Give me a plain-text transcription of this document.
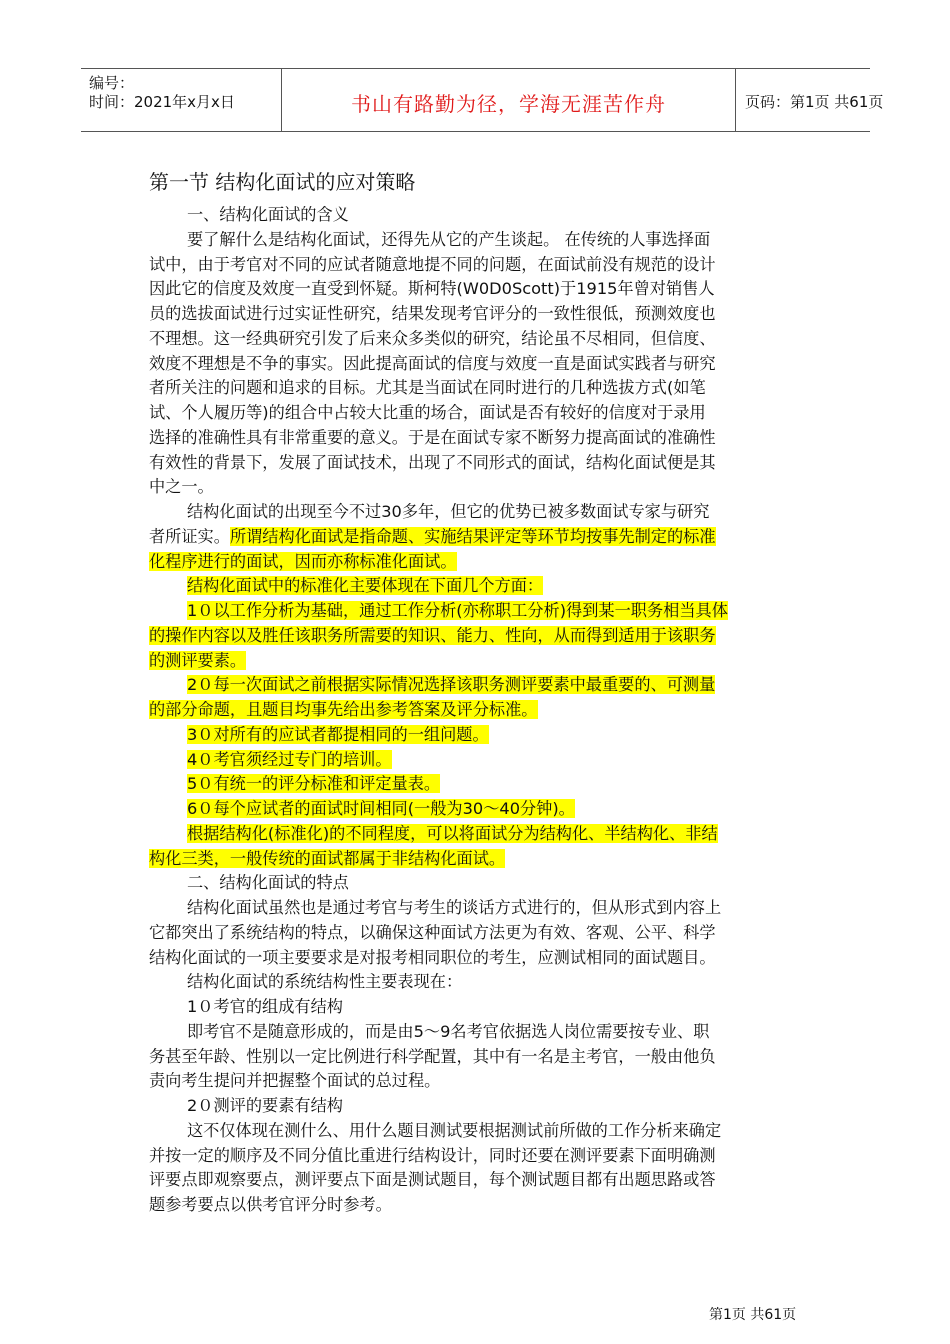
编号：
时间：2021年x月x日	书山有路勤为径，学海无涯苦作舟	页码：第1页 共61页
第一节 结构化面试的应对策略
一、结构化面试的含义
要了解什么是结构化面试，还得先从它的产生谈起。 在传统的人事选择面
试中，由于考官对不同的应试者随意地提不同的问题，在面试前没有规范的设计
因此它的信度及效度一直受到怀疑。斯柯特(W0D0Scott)于1915年曾对销售人
员的选拔面试进行过实证性研究，结果发现考官评分的一致性很低，预测效度也
不理想。这一经典研究引发了后来众多类似的研究，结论虽不尽相同，但信度、
效度不理想是不争的事实。因此提高面试的信度与效度一直是面试实践者与研究
者所关注的问题和追求的目标。尤其是当面试在同时进行的几种选拔方式(如笔
试、个人履历等)的组合中占较大比重的场合，面试是否有较好的信度对于录用
选择的准确性具有非常重要的意义。于是在面试专家不断努力提高面试的准确性
有效性的背景下，发展了面试技术，出现了不同形式的面试，结构化面试便是其
中之一。
结构化面试的出现至今不过30多年，但它的优势已被多数面试专家与研究
者所证实。所谓结构化面试是指命题、实施结果评定等环节均按事先制定的标准
化程序进行的面试，因而亦称标准化面试。
结构化面试中的标准化主要体现在下面几个方面：
1０以工作分析为基础，通过工作分析(亦称职工分析)得到某一职务相当具体
的操作内容以及胜任该职务所需要的知识、能力、性向，从而得到适用于该职务
的测评要素。
2０每一次面试之前根据实际情况选择该职务测评要素中最重要的、可测量
的部分命题，且题目均事先给出参考答案及评分标准。
3０对所有的应试者都提相同的一组问题。
4０考官须经过专门的培训。
5０有统一的评分标准和评定量表。
6０每个应试者的面试时间相同(一般为30～40分钟)。
根据结构化(标准化)的不同程度，可以将面试分为结构化、半结构化、非结
构化三类，一般传统的面试都属于非结构化面试。
二、结构化面试的特点
结构化面试虽然也是通过考官与考生的谈话方式进行的，但从形式到内容上
它都突出了系统结构的特点，以确保这种面试方法更为有效、客观、公平、科学
结构化面试的一项主要要求是对报考相同职位的考生，应测试相同的面试题目。
结构化面试的系统结构性主要表现在：
1０考官的组成有结构
即考官不是随意形成的，而是由5～9名考官依据选人岗位需要按专业、职
务甚至年龄、性别以一定比例进行科学配置，其中有一名是主考官，一般由他负
责向考生提问并把握整个面试的总过程。
2０测评的要素有结构
这不仅体现在测什么、用什么题目测试要根据测试前所做的工作分析来确定
并按一定的顺序及不同分值比重进行结构设计，同时还要在测评要素下面明确测
评要点即观察要点，测评要点下面是测试题目，每个测试题目都有出题思路或答
题参考要点以供考官评分时参考。
第1页 共61页
